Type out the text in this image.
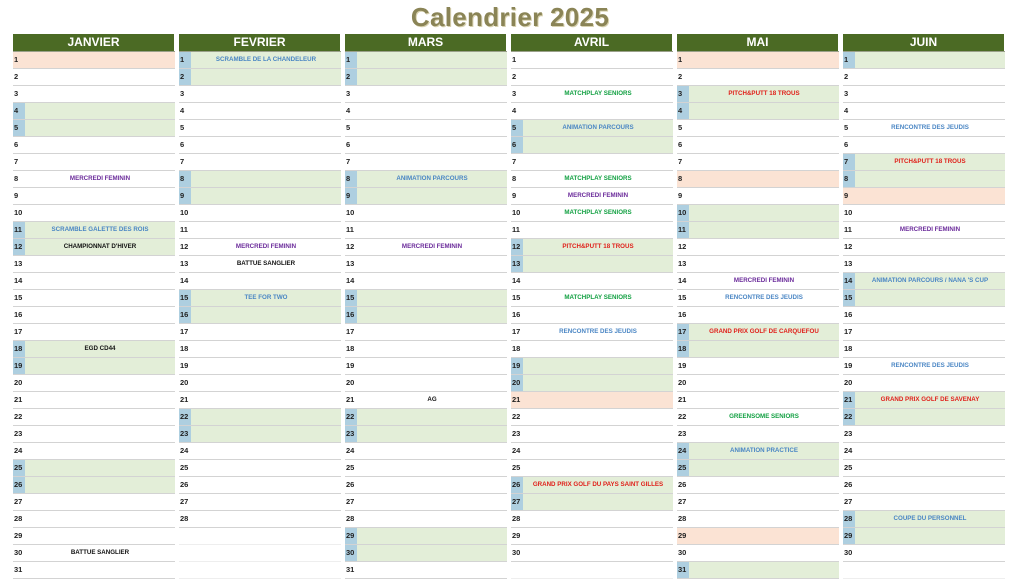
Calendrier 2025
JANVIER
1
2
3
4
5
6
7
8	MERCREDI FEMININ
9
10
11	SCRAMBLE GALETTE DES ROIS
12	CHAMPIONNAT D'HIVER
13
14
15
16
17
18	EGD CD44
19
20
21
22
23
24
25
26
27
28
29
30	BATTUE SANGLIER
31
FEVRIER
1	SCRAMBLE DE LA CHANDELEUR
2
3
4
5
6
7
8
9
10
11
12	MERCREDI FEMININ
13	BATTUE SANGLIER
14
15	TEE FOR TWO
16
17
18
19
20
21
22
23
24
25
26
27
28
MARS
1
2
3
4
5
6
7
8	ANIMATION PARCOURS
9
10
11
12	MERCREDI FEMININ
13
14
15
16
17
18
19
20
21	AG
22
23
24
25
26
27
28
29
30
31
AVRIL
1
2
3	MATCHPLAY SENIORS
4
5	ANIMATION PARCOURS
6
7
8	MATCHPLAY SENIORS
9	MERCREDI FEMININ
10	MATCHPLAY SENIORS
11
12	PITCH&PUTT 18 TROUS
13
14
15	MATCHPLAY SENIORS
16
17	RENCONTRE DES JEUDIS
18
19
20
21
22
23
24
25
26	GRAND PRIX GOLF DU PAYS SAINT GILLES
27
28
29
30
MAI
1
2
3	PITCH&PUTT 18 TROUS
4
5
6
7
8
9
10
11
12
13
14	MERCREDI FEMININ
15	RENCONTRE DES JEUDIS
16
17	GRAND PRIX GOLF DE CARQUEFOU
18
19
20
21
22	GREENSOME SENIORS
23
24	ANIMATION PRACTICE
25
26
27
28
29
30
31
JUIN
1
2
3
4
5	RENCONTRE DES JEUDIS
6
7	PITCH&PUTT 18 TROUS
8
9
10
11	MERCREDI FEMININ
12
13
14	ANIMATION PARCOURS / NANA 'S CUP
15
16
17
18
19	RENCONTRE DES JEUDIS
20
21	GRAND PRIX GOLF DE SAVENAY
22
23
24
25
26
27
28	COUPE DU PERSONNEL
29
30
